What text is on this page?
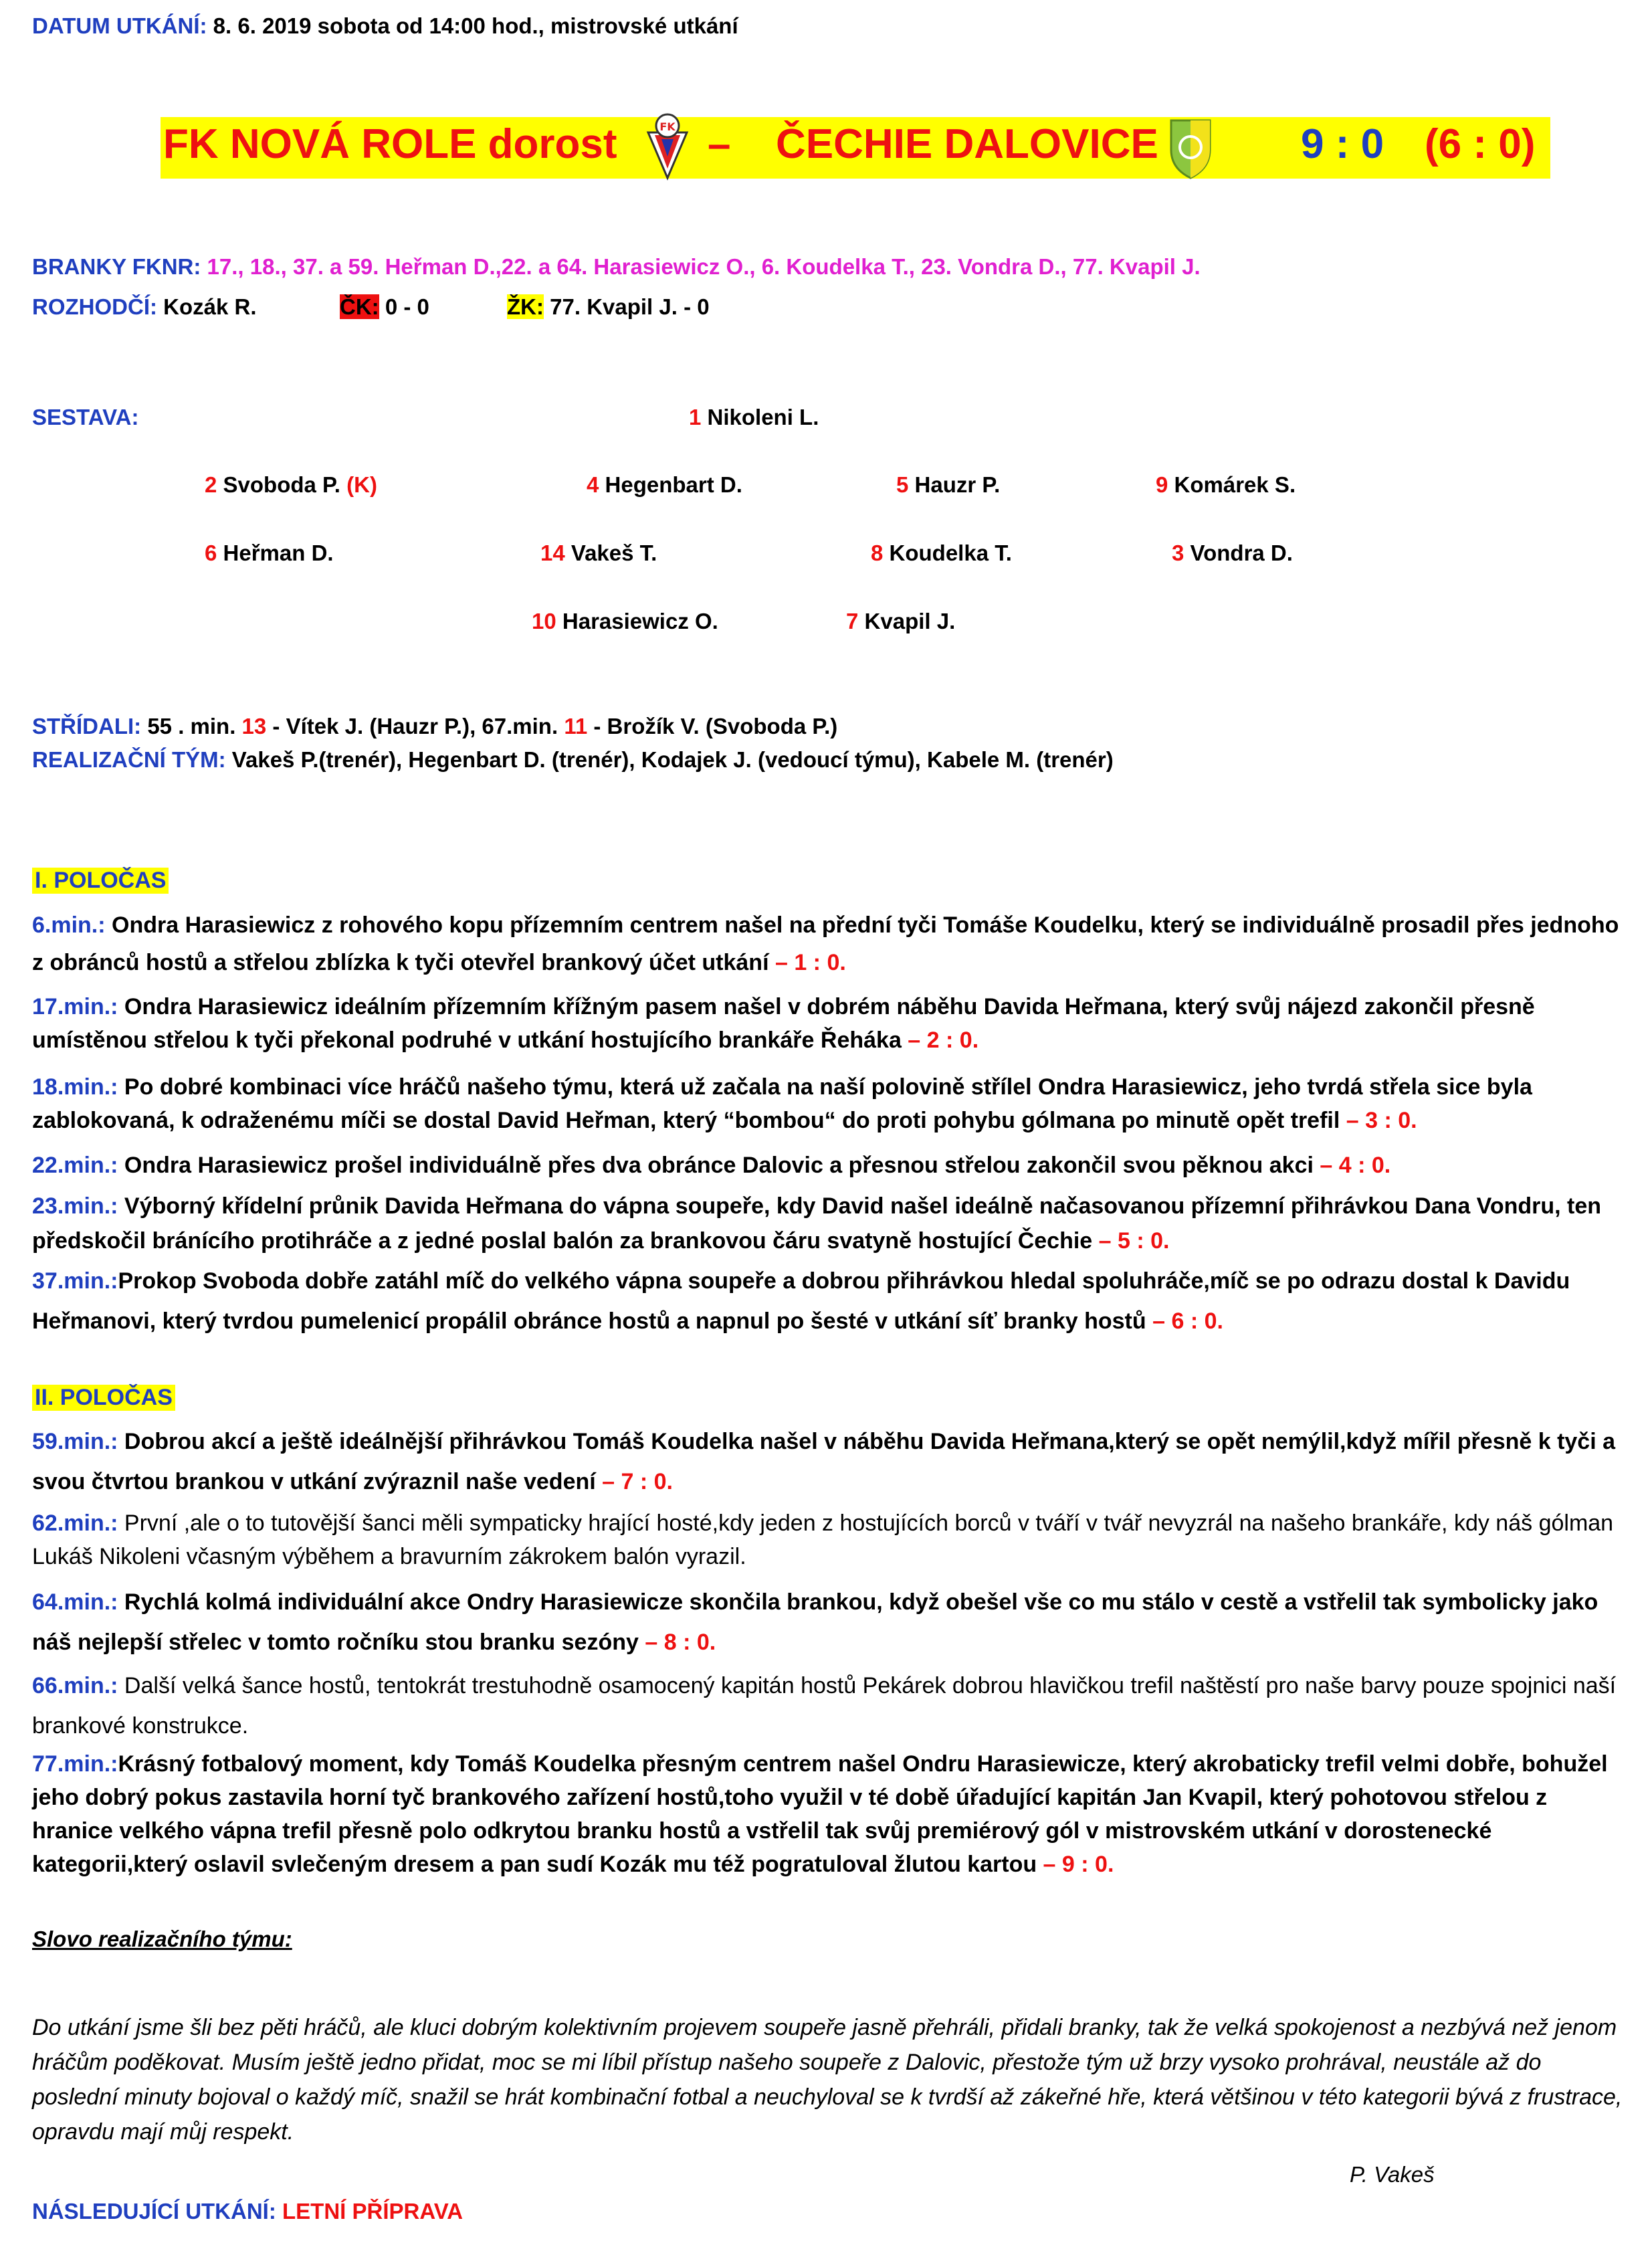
DATUM UTKÁNÍ: 8. 6. 2019 sobota od 14:00 hod., mistrovské utkání
FK NOVÁ ROLE dorost	FK – ČECHIE DALOVICE	9 : 0 (6 : 0)
BRANKY FKNR: 17., 18., 37. a 59. Heřman D.,22. a 64. Harasiewicz O., 6. Koudelka T., 23. Vondra D., 77. Kvapil J.
ROZHODČÍ: Kozák R.	ČK: 0 - 0	ŽK: 77. Kvapil J. - 0
SESTAVA:	1 Nikoleni L.
2 Svoboda P. (K)	4 Hegenbart D.	5 Hauzr P.	9 Komárek S.
6 Heřman D.	14 Vakeš T.	8 Koudelka T.	3 Vondra D.
10 Harasiewicz O.	7 Kvapil J.
STŘÍDALI: 55 . min. 13 - Vítek J. (Hauzr P.), 67.min. 11 - Brožík V. (Svoboda P.)
REALIZAČNÍ TÝM: Vakeš P.(trenér), Hegenbart D. (trenér), Kodajek J. (vedoucí týmu), Kabele M. (trenér)
I. POLOČAS
6.min.: Ondra Harasiewicz z rohového kopu přízemním centrem našel na přední tyči Tomáše Koudelku, který se individuálně prosadil přes jednoho z obránců hostů a střelou zblízka k tyči otevřel brankový účet utkání – 1 : 0.
17.min.: Ondra Harasiewicz ideálním přízemním křížným pasem našel v dobrém náběhu Davida Heřmana, který svůj nájezd zakončil přesně umístěnou střelou k tyči překonal podruhé v utkání hostujícího brankáře Řeháka – 2 : 0.
18.min.: Po dobré kombinaci více hráčů našeho týmu, která už začala na naší polovině střílel Ondra Harasiewicz, jeho tvrdá střela sice byla zablokovaná, k odraženému míči se dostal David Heřman, který “bombou“ do proti pohybu gólmana po minutě opět trefil – 3 : 0.
22.min.: Ondra Harasiewicz prošel individuálně přes dva obránce Dalovic a přesnou střelou zakončil svou pěknou akci – 4 : 0.
23.min.: Výborný křídelní průnik Davida Heřmana do vápna soupeře, kdy David našel ideálně načasovanou přízemní přihrávkou Dana Vondru, ten předskočil bránícího protihráče a z jedné poslal balón za brankovou čáru svatyně hostující Čechie – 5 : 0.
37.min.:Prokop Svoboda dobře zatáhl míč do velkého vápna soupeře a dobrou přihrávkou hledal spoluhráče,míč se po odrazu dostal k Davidu Heřmanovi, který tvrdou pumelenicí propálil obránce hostů a napnul po šesté v utkání síť branky hostů – 6 : 0.
II. POLOČAS
59.min.: Dobrou akcí a ještě ideálnější přihrávkou Tomáš Koudelka našel v náběhu Davida Heřmana,který se opět nemýlil,když mířil přesně k tyči a svou čtvrtou brankou v utkání zvýraznil naše vedení – 7 : 0.
62.min.: První ,ale o to tutovější šanci měli sympaticky hrající hosté,kdy jeden z hostujících borců v tváří v tvář nevyzrál na našeho brankáře, kdy náš gólman Lukáš Nikoleni včasným výběhem a bravurním zákrokem balón vyrazil.
64.min.: Rychlá kolmá individuální akce Ondry Harasiewicze skončila brankou, když obešel vše co mu stálo v cestě a vstřelil tak symbolicky jako náš nejlepší střelec v tomto ročníku stou branku sezóny – 8 : 0.
66.min.: Další velká šance hostů, tentokrát trestuhodně osamocený kapitán hostů Pekárek dobrou hlavičkou trefil naštěstí pro naše barvy pouze spojnici naší brankové konstrukce.
77.min.:Krásný fotbalový moment, kdy Tomáš Koudelka přesným centrem našel Ondru Harasiewicze, který akrobaticky trefil velmi dobře, bohužel jeho dobrý pokus zastavila horní tyč brankového zařízení hostů,toho využil v té době úřadující kapitán Jan Kvapil, který pohotovou střelou z hranice velkého vápna trefil přesně polo odkrytou branku hostů a vstřelil tak svůj premiérový gól v mistrovském utkání v dorostenecké kategorii,který oslavil svlečeným dresem a pan sudí Kozák mu též pogratuloval žlutou kartou – 9 : 0.
Slovo realizačního týmu:
Do utkání jsme šli bez pěti hráčů, ale kluci dobrým kolektivním projevem soupeře jasně přehráli, přidali branky, tak že velká spokojenost a nezbývá než jenom hráčům poděkovat. Musím ještě jedno přidat, moc se mi líbil přístup našeho soupeře z Dalovic, přestože tým už brzy vysoko prohrával, neustále až do poslední minuty bojoval o každý míč, snažil se hrát kombinační fotbal a neuchyloval se k tvrdší až zákeřné hře, která většinou v této kategorii bývá z frustrace, opravdu mají můj respekt.
P. Vakeš
NÁSLEDUJÍCÍ UTKÁNÍ: LETNÍ PŘÍPRAVA
